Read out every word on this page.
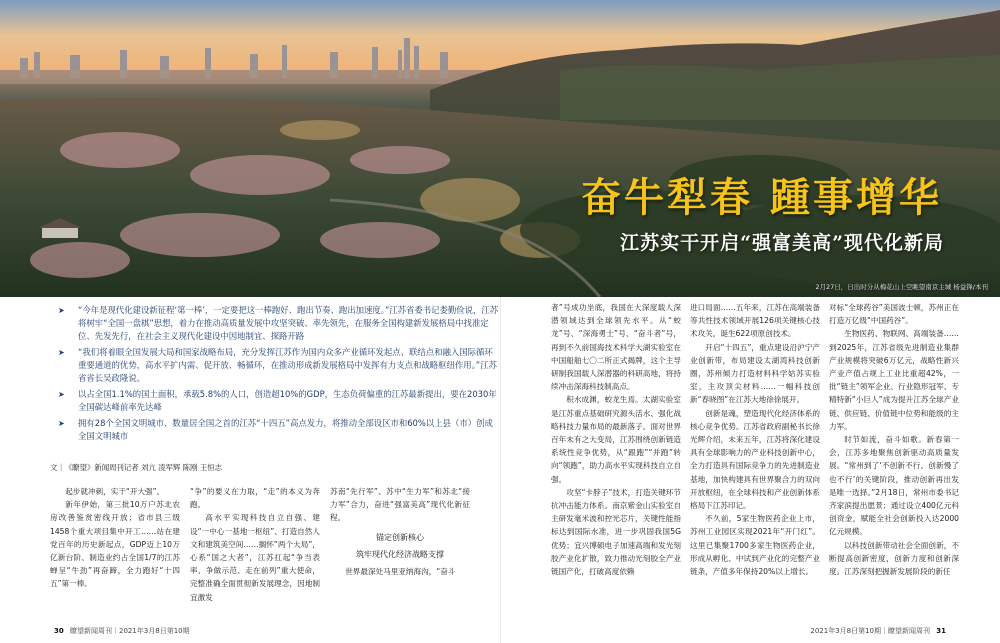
奋牛犁春 踵事增华
江苏实干开启“强富美高”现代化新局
2月27日，日出时分从梅花山上空眺望南京主城 杨益锋/本刊
➤ “今年是现代化建设新征程‘第一棒’，一定要把这一棒跑好、跑出节奏、跑出加速度。”江苏省委书记娄勤俭说，江苏将树牢“全国一盘棋”思想，着力在推动高质量发展中攻坚突破、率先领先，在服务全国构建新发展格局中找准定位、先发先行，在社会主义现代化建设中因地制宜、探路开路
➤ “我们将着眼全国发展大局和国家战略布局，充分发挥江苏作为国内众多产业循环发起点、联结点和融入国际循环重要通道的优势，高水平扩内需、促开放、畅循环，在推动形成新发展格局中发挥有力支点和战略枢纽作用。”江苏省省长吴政隆说。
➤ 以占全国1.1%的国土面积，承载5.8%的人口，创造超10%的GDP，生态负荷偏重的江苏最新提出，要在2030年全国碳达峰前率先达峰
➤ 拥有28个全国文明城市、数量居全国之首的江苏“十四五”高点发力，将推动全部设区市和60%以上县（市）创成全国文明城市
文｜《瞭望》新闻周刊记者 刘亢 凌军辉 陈刚 王恒志

起步就冲刺，实干“开大强”。

新年伊始，第三批10万户苏北农房改善鉴赏密线开放；省市县三级1458个重大项目集中开工……站在建党百年的历史新起点，GDP迈上10万亿新台阶、制造业约占全国1/7的江苏蝉呈“牛劲”再奋蹄，全力跑好“十四五”第一棒。

“争”的要义在力取，“走”的本义为奔跑。

高水平实现科技自立自强、建设“一中心一基地一枢纽”、打造自然人文和建筑美空间……搁怀“两个大局”，心系“国之大者”，江苏扛起“争当表率、争做示范、走在前列”重大使命，完整准确全面贯彻新发展理念，因地制宜激发

苏南“先行军”、苏中“生力军”和苏北“接力军”合力，奋进“强富美高”现代化新征程。

锚定创新核心
筑牢现代化经济战略支撑

世界最深处马里亚纳海沟，“奋斗

30 瞭望新闻周刊｜2021年3月8日第10期

者”号成功坐底，我国在大深度载人深潜领域达到全球领先水平。从“蛟龙”号、“深海勇士”号、“奋斗者”号，再到不久前国海技术科学大湖实验室在中国船舶七〇二所正式揭牌，这个主导研制我国载人深潜器的科研高地，将持续冲击深海科技制高点。

积水成渊，蛟龙生焉。太湖实验室是江苏重点基础研究源头活水、强化战略科技力量布局的最新落子。面对世界百年未有之大变局，江苏围绕创新链造系统性竞争优势，从“跟跑”“并跑”转向“领跑”，助力高水平实现科技自立自强。

攻坚“卡脖子”技术，打造关键环节抗冲击能力体系。南京紫金山实验室自主研发毫米波和控光芯片，关键性能指标达到国际水准，进一步巩固我国5G优势；宜兴博硕电子加速高端和发光刻胶产业化扩散，致力推动光刻胶全产业链国产化，打破高度依赖

进口局面……五年来，江苏在高端装备等共性技术领域开展126项关键核心技术攻关，诞生622项原创技术。

开启“十四五”，重点建设沿沪宁产业创新带，布局建设太湖湾科技创新圈，苏州倾力打造材料科学姑苏实验室，主攻顶尖材料……一幅科技创新“春晓图”在江苏大地徐徐展开。

创新是魂，塑造现代化经济体系的核心竞争优势。江苏省政府副秘书长徐光辉介绍，未来五年，江苏将深化建设具有全球影响力的产业科技创新中心，全力打造具有国际竞争力的先进制造业基地，加快构建具有世界聚合力的双向开放枢纽，在全球科技和产业创新体系格局下江苏印记。

不久前，5家生物医药企业上市，苏州工业园区实现2021年“开门红”。这里已集聚1700多家生物医药企业，形成从孵化、中试到产业化的完整产业链条，产值多年保持20%以上增长。

对标“全球药谷”美国波士顿，苏州正在打造万亿级“中国药谷”。

生物医药、物联网、高端装备……到2025年，江苏省级先进制造业集群产业规模将突破6万亿元，战略性新兴产业产值占规上工业比重超42%，一批“链主”领军企业、行业隐形冠军、专精特新“小巨人”成为提升江苏全球产业链、供应链、价值链中位势和能级的主力军。

时节如流，奋斗如歌。新春第一会，江苏多地聚焦创新驱动高质量发展。“常州到了‘不创新不行、创新慢了也不行’的关键阶段，推动创新再出发是唯一选择。”2月18日，常州市委书记齐家滨提出愿景；通过设立400亿元科创资金，赋能全社会创新投入达2000亿元规模。

以科技创新带动社会全面创新，不断提高创新密度，创新力度和创新深度。江苏深刻把握新发展阶段的新任

2021年3月8日第10期｜瞭望新闻周刊 31
